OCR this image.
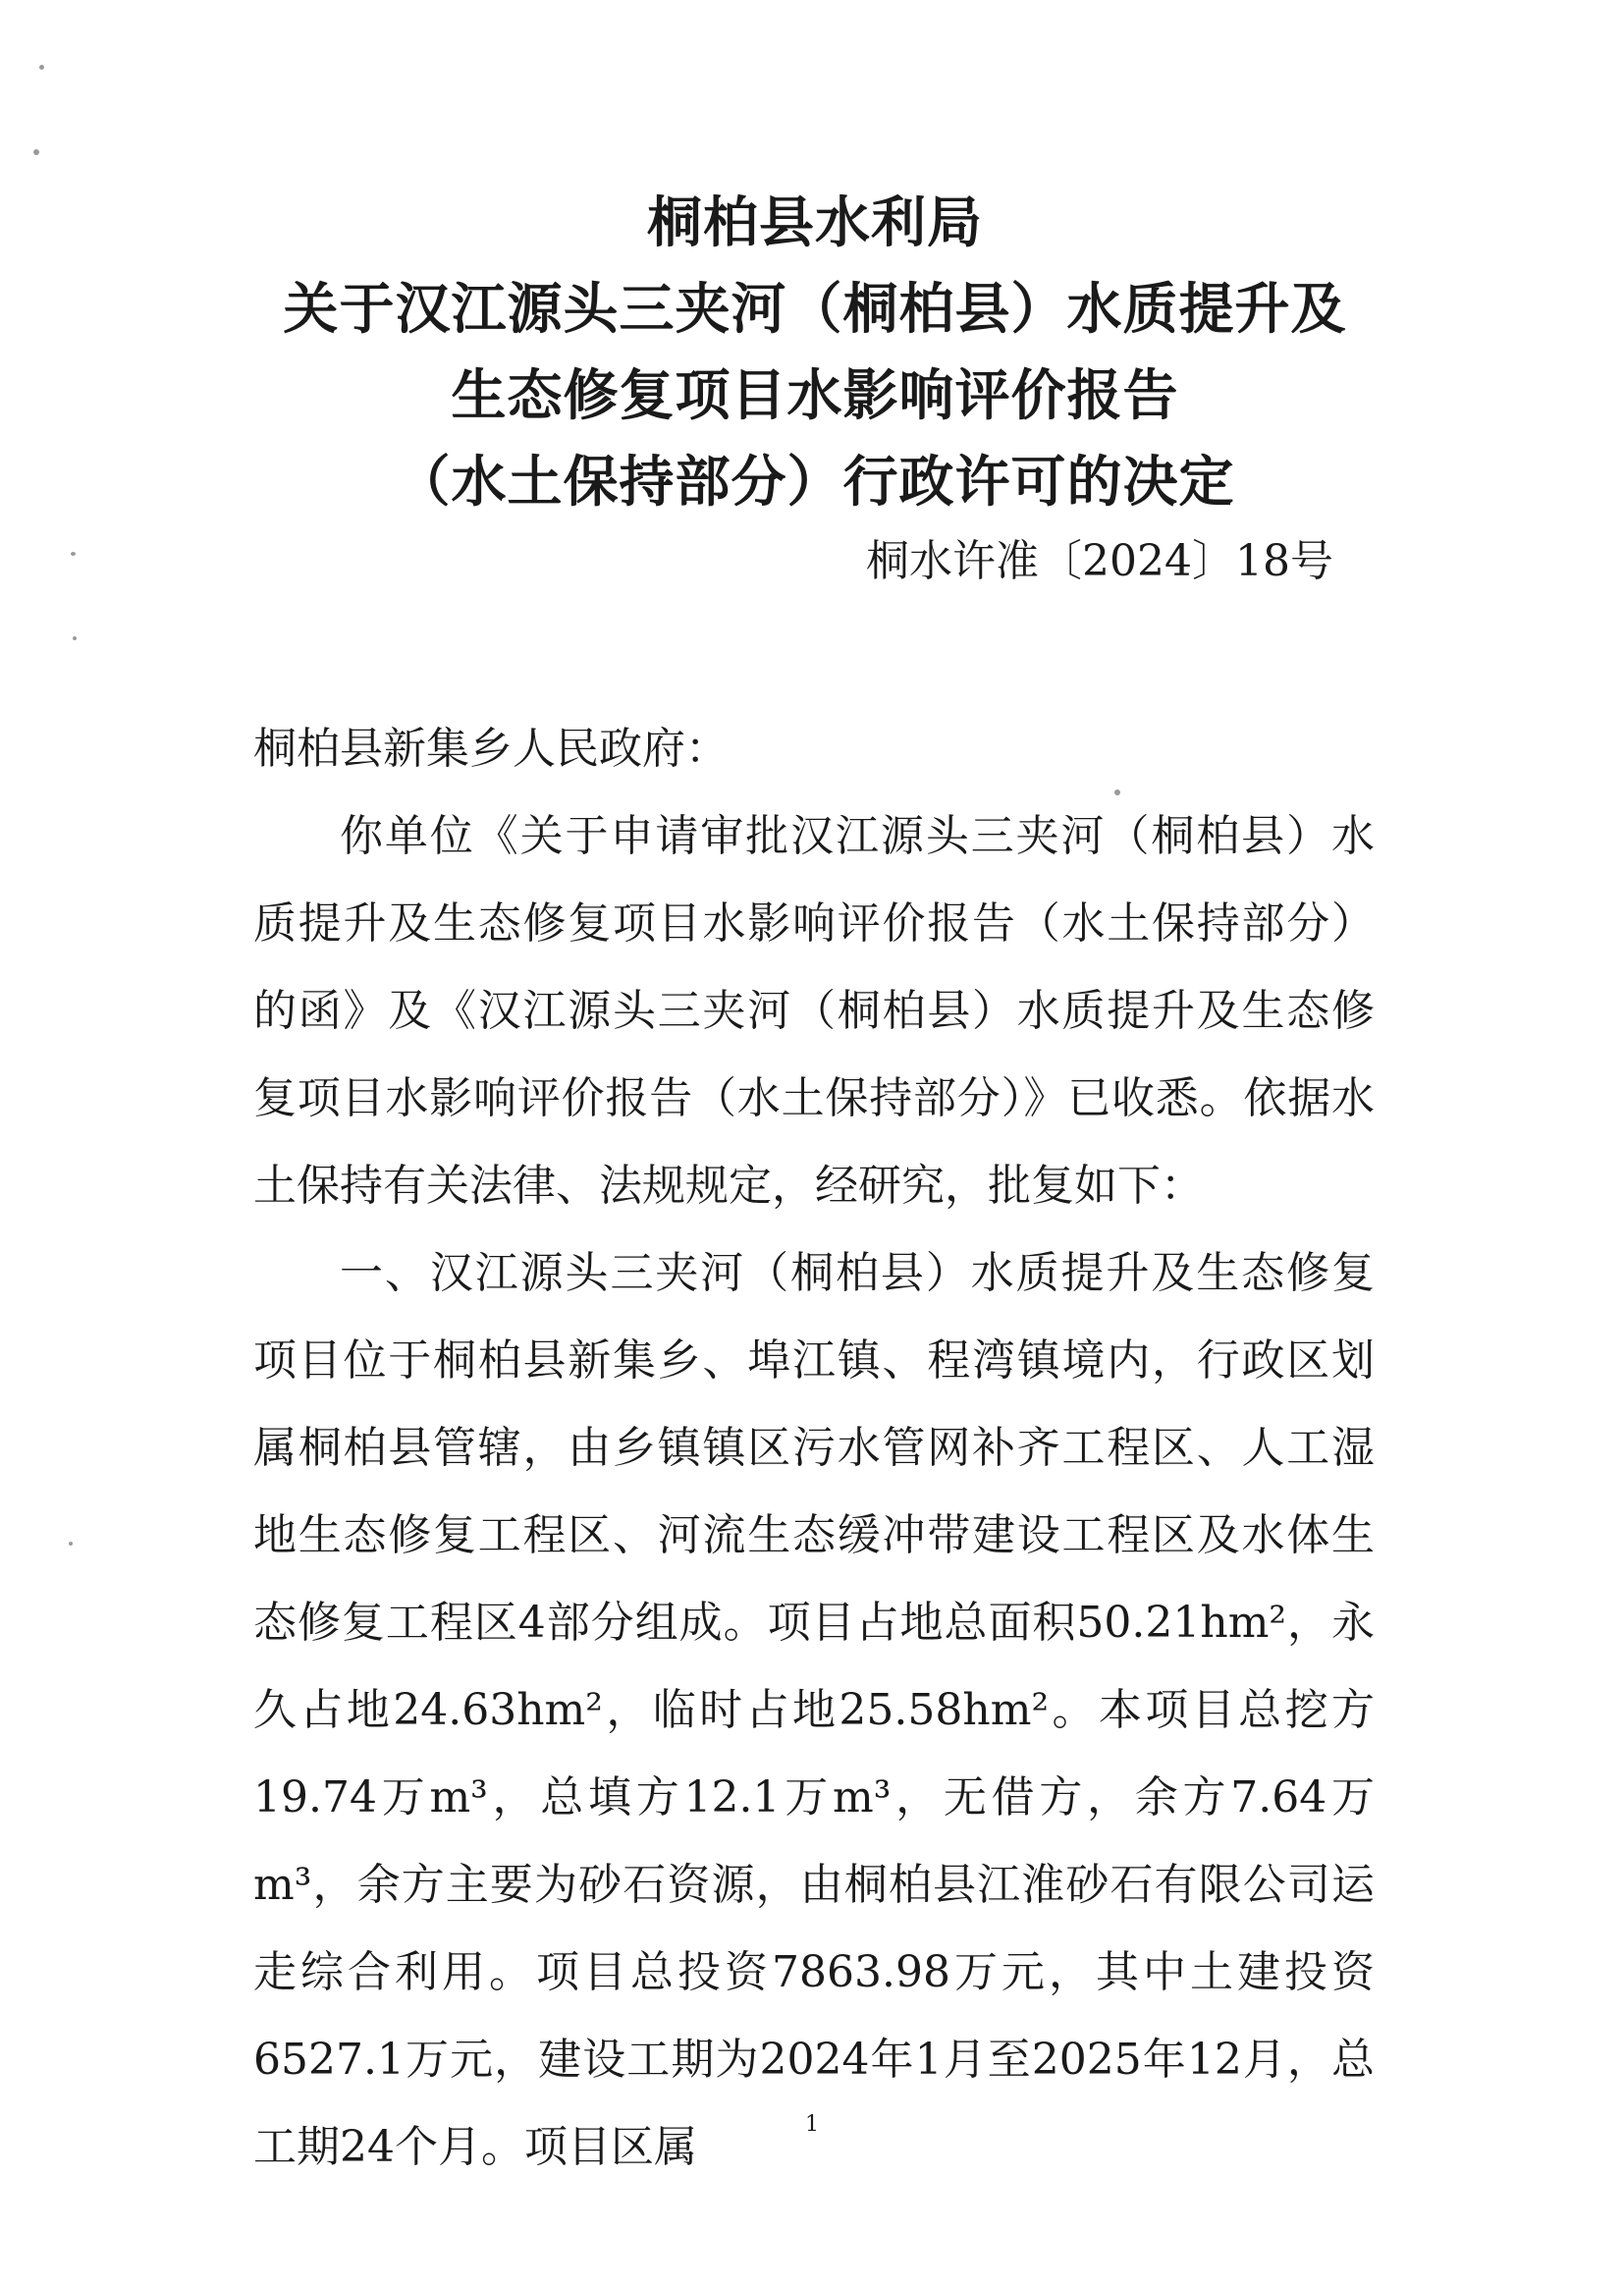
桐柏县水利局
关于汉江源头三夹河（桐柏县）水质提升及
生态修复项目水影响评价报告
（水土保持部分）行政许可的决定
桐水许准〔2024〕18号

桐柏县新集乡人民政府：

你单位《关于申请审批汉江源头三夹河（桐柏县）水质提升及生态修复项目水影响评价报告（水土保持部分）的函》及《汉江源头三夹河（桐柏县）水质提升及生态修复项目水影响评价报告（水土保持部分）》已收悉。依据水土保持有关法律、法规规定，经研究，批复如下：

一、汉江源头三夹河（桐柏县）水质提升及生态修复项目位于桐柏县新集乡、埠江镇、程湾镇境内，行政区划属桐柏县管辖，由乡镇镇区污水管网补齐工程区、人工湿地生态修复工程区、河流生态缓冲带建设工程区及水体生态修复工程区4部分组成。项目占地总面积50.21hm²，永久占地24.63hm²，临时占地25.58hm²。本项目总挖方19.74万m³，总填方12.1万m³，无借方，余方7.64万m³，余方主要为砂石资源，由桐柏县江淮砂石有限公司运走综合利用。项目总投资7863.98万元，其中土建投资6527.1万元，建设工期为2024年1月至2025年12月，总工期24个月。项目区属	1
